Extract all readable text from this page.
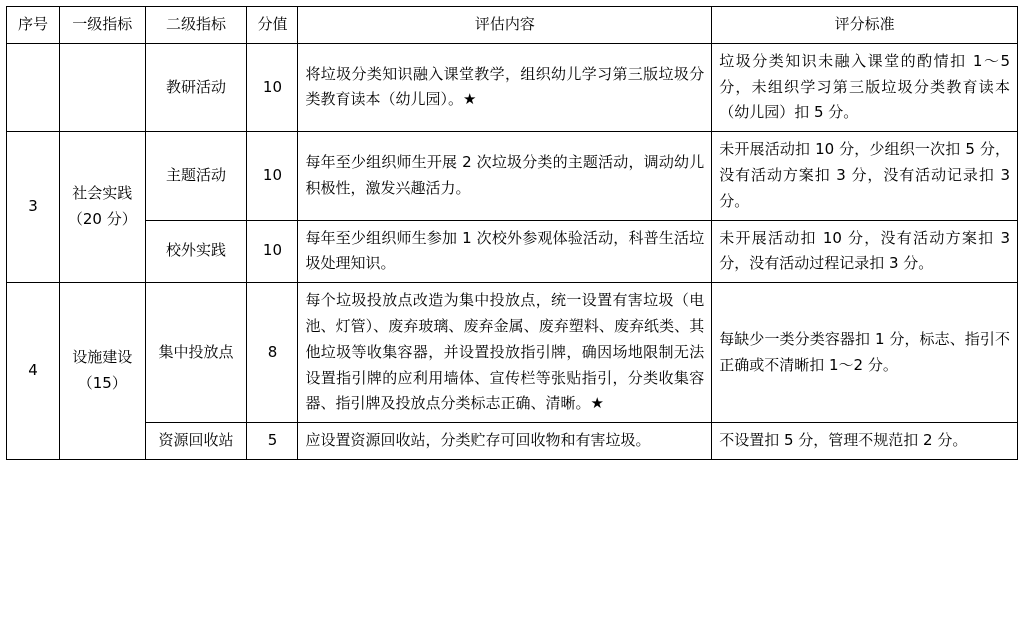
序号	一级指标	二级指标	分值	评估内容	评分标准
		教研活动	10	将垃圾分类知识融入课堂教学，组织幼儿学习第三版垃圾分类教育读本（幼儿园）。★	垃圾分类知识未融入课堂的酌情扣 1～5 分，未组织学习第三版垃圾分类教育读本（幼儿园）扣 5 分。
3	社会实践（20 分）	主题活动	10	每年至少组织师生开展 2 次垃圾分类的主题活动，调动幼儿积极性，激发兴趣活力。	未开展活动扣 10 分，少组织一次扣 5 分，没有活动方案扣 3 分，没有活动记录扣 3 分。
		校外实践	10	每年至少组织师生参加 1 次校外参观体验活动，科普生活垃圾处理知识。	未开展活动扣 10 分，没有活动方案扣 3 分，没有活动过程记录扣 3 分。
4	设施建设（15）	集中投放点	8	每个垃圾投放点改造为集中投放点，统一设置有害垃圾（电池、灯管）、废弃玻璃、废弃金属、废弃塑料、废弃纸类、其他垃圾等收集容器，并设置投放指引牌，确因场地限制无法设置指引牌的应利用墙体、宣传栏等张贴指引，分类收集容器、指引牌及投放点分类标志正确、清晰。★	每缺少一类分类容器扣 1 分，标志、指引不正确或不清晰扣 1～2 分。
		资源回收站	5	应设置资源回收站，分类贮存可回收物和有害垃圾。	不设置扣 5 分，管理不规范扣 2 分。
